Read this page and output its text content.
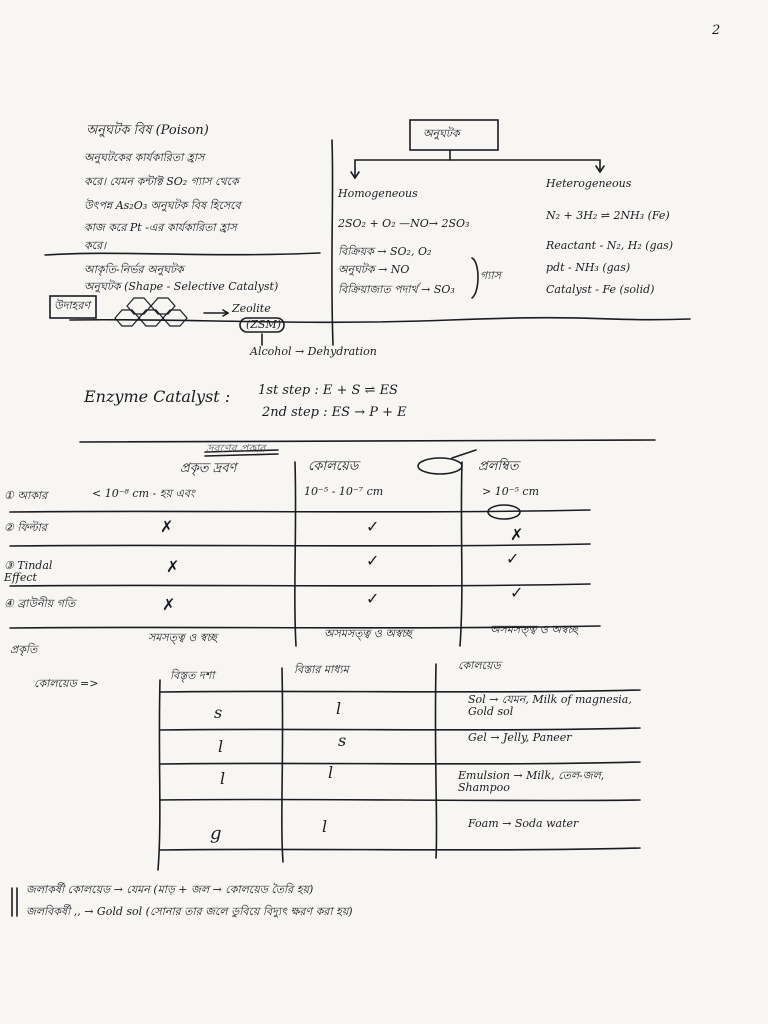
2
অনুঘটক বিষ (Poison)
অনুঘটকের কার্যকারিতা হ্রাস
করে। যেমন কন্টাক্ট SO₂ গ্যাস থেকে
উৎপন্ন As₂O₃ অনুঘটক বিষ হিসেবে
কাজ করে Pt -এর কার্যকারিতা হ্রাস
করে।
আকৃতি-নির্ভর অনুঘটক
অনুঘটক (Shape - Selective Catalyst)
উদাহরণ	Zeolite
(ZSM)
Alcohol → Dehydration
অনুঘটক
Homogeneous
2SO₂ + O₂ —NO→ 2SO₃
বিক্রিয়ক → SO₂, O₂
অনুঘটক → NO
বিক্রিয়াজাত পদার্থ → SO₃
গ্যাস
Heterogeneous
N₂ + 3H₂ ⇌ 2NH₃ (Fe)
Reactant - N₂, H₂ (gas)
pdt - NH₃ (gas)
Catalyst - Fe (solid)
Enzyme Catalyst : 1st step : E + S ⇌ ES
2nd step : ES → P + E
দ্রবণের প্রকার
প্রকৃত দ্রবণ	কোলয়েড	প্রলম্বিত
① আকার	< 10⁻⁸ cm - হয় এবং	10⁻⁵ - 10⁻⁷ cm	> 10⁻⁵ cm
② ফিল্টার	✗	✓	✗
③ Tindal Effect
✗	✓	✓
④ ব্রাউনীয় গতি	✗	✓	✓
প্রকৃতি
সমসত্ত্ব ও স্বচ্ছ	অসমসত্ত্ব ও অস্বচ্ছ	অসমসত্ত্ব ও অস্বচ্ছ
কোলয়েড =>
বিস্তৃত দশা	বিস্তার মাধ্যম	কোলয়েড
s	l	Sol → যেমন, Milk of magnesia, Gold sol
l	s	Gel → Jelly, Paneer
l	l	Emulsion → Milk, তেল-জল, Shampoo
g	l	Foam → Soda water
জলাকর্ষী কোলয়েড → যেমন (মাড় + জল → কোলয়েড তৈরি হয়)
জলবিকর্ষী ,, → Gold sol (সোনার তার জলে ডুবিয়ে বিদ্যুৎ ক্ষরণ করা হয়)
